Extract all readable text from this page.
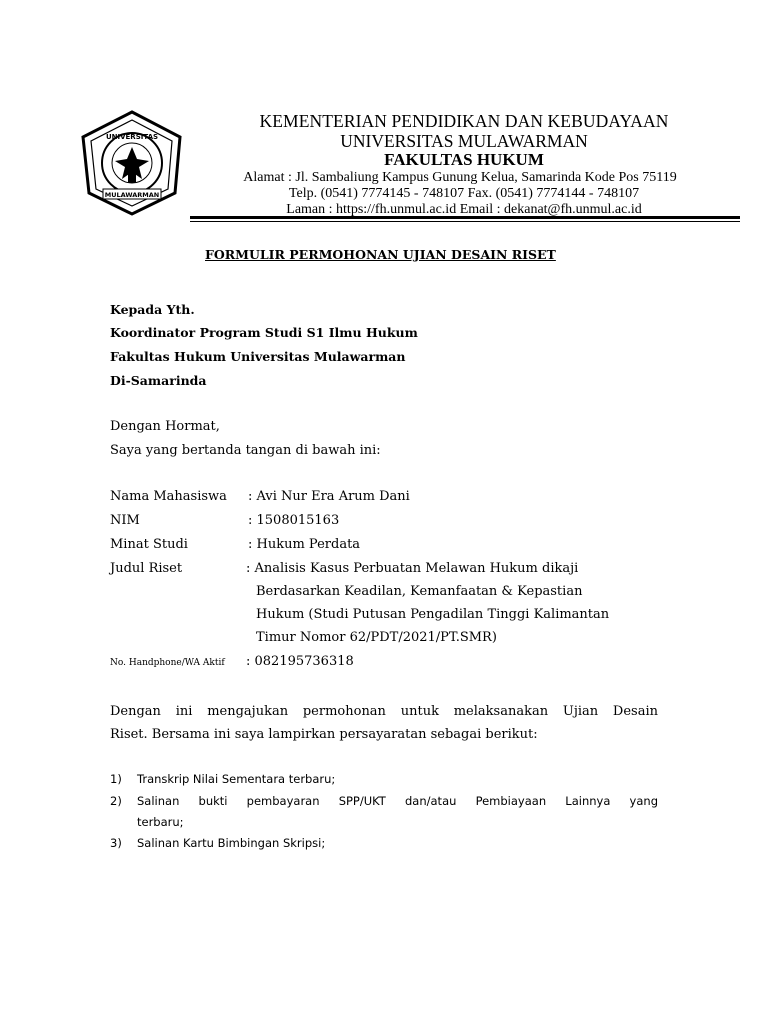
UNIVERSITAS
MULAWARMAN
KEMENTERIAN PENDIDIKAN DAN KEBUDAYAAN
UNIVERSITAS MULAWARMAN
FAKULTAS HUKUM
Alamat : Jl. Sambaliung Kampus Gunung Kelua, Samarinda Kode Pos 75119
Telp. (0541) 7774145 - 748107 Fax. (0541) 7774144 - 748107
Laman : https://fh.unmul.ac.id Email : dekanat@fh.unmul.ac.id
FORMULIR PERMOHONAN UJIAN DESAIN RISET
Kepada Yth.
Koordinator Program Studi S1 Ilmu Hukum
Fakultas Hukum Universitas Mulawarman
Di-Samarinda
Dengan Hormat,
Saya yang bertanda tangan di bawah ini:
Nama Mahasiswa : Avi Nur Era Arum Dani
NIM	: 1508015163
Minat Studi	: Hukum Perdata
Judul Riset	: Analisis Kasus Perbuatan Melawan Hukum dikaji
Berdasarkan Keadilan, Kemanfaatan & Kepastian
Hukum (Studi Putusan Pengadilan Tinggi Kalimantan
Timur Nomor 62/PDT/2021/PT.SMR)
No. Handphone/WA Aktif : 082195736318
Dengan ini mengajukan permohonan untuk melaksanakan Ujian Desain
Riset. Bersama ini saya lampirkan persayaratan sebagai berikut:
1) Transkrip Nilai Sementara terbaru;
2) Salinan bukti pembayaran SPP/UKT dan/atau Pembiayaan Lainnya yang
terbaru;
3) Salinan Kartu Bimbingan Skripsi;
